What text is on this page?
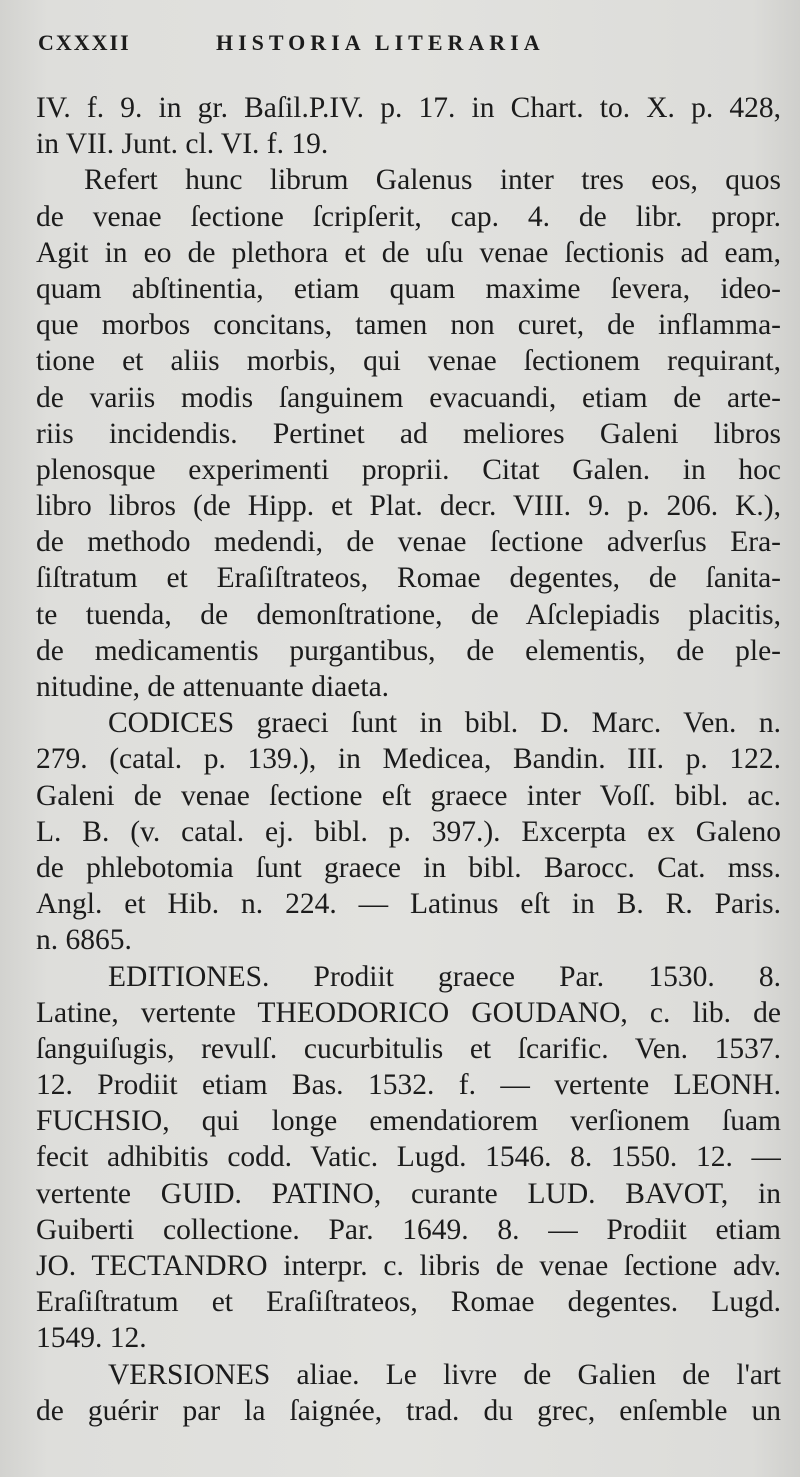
CXXXII	HISTORIA LITERARIA
IV. f. 9. in gr. Baſil.P.IV. p. 17. in Chart. to. X. p. 428,
in VII. Junt. cl. VI. f. 19.
Refert hunc librum Galenus inter tres eos, quos
de venae ſectione ſcripſerit, cap. 4. de libr. propr.
Agit in eo de plethora et de uſu venae ſectionis ad eam,
quam abſtinentia, etiam quam maxime ſevera, ideo-
que morbos concitans, tamen non curet, de inflamma-
tione et aliis morbis, qui venae ſectionem requirant,
de variis modis ſanguinem evacuandi, etiam de arte-
riis incidendis. Pertinet ad meliores Galeni libros
plenosque experimenti proprii. Citat Galen. in hoc
libro libros (de Hipp. et Plat. decr. VIII. 9. p. 206. K.),
de methodo medendi, de venae ſectione adverſus Era-
ſiſtratum et Eraſiſtrateos, Romae degentes, de ſanita-
te tuenda, de demonſtratione, de Aſclepiadis placitis,
de medicamentis purgantibus, de elementis, de ple-
nitudine, de attenuante diaeta.
CODICES graeci ſunt in bibl. D. Marc. Ven. n.
279. (catal. p. 139.), in Medicea, Bandin. III. p. 122.
Galeni de venae ſectione eſt graece inter Voſſ. bibl. ac.
L. B. (v. catal. ej. bibl. p. 397.). Excerpta ex Galeno
de phlebotomia ſunt graece in bibl. Barocc. Cat. mss.
Angl. et Hib. n. 224. — Latinus eſt in B. R. Paris.
n. 6865.
EDITIONES. Prodiit graece Par. 1530. 8.
Latine, vertente THEODORICO GOUDANO, c. lib. de
ſanguiſugis, revulſ. cucurbitulis et ſcarific. Ven. 1537.
12. Prodiit etiam Bas. 1532. f. — vertente LEONH.
FUCHSIO, qui longe emendatiorem verſionem ſuam
fecit adhibitis codd. Vatic. Lugd. 1546. 8. 1550. 12. —
vertente GUID. PATINO, curante LUD. BAVOT, in
Guiberti collectione. Par. 1649. 8. — Prodiit etiam
JO. TECTANDRO interpr. c. libris de venae ſectione adv.
Eraſiſtratum et Eraſiſtrateos, Romae degentes. Lugd.
1549. 12.
VERSIONES aliae. Le livre de Galien de l'art
de guérir par la ſaignée, trad. du grec, enſemble un
